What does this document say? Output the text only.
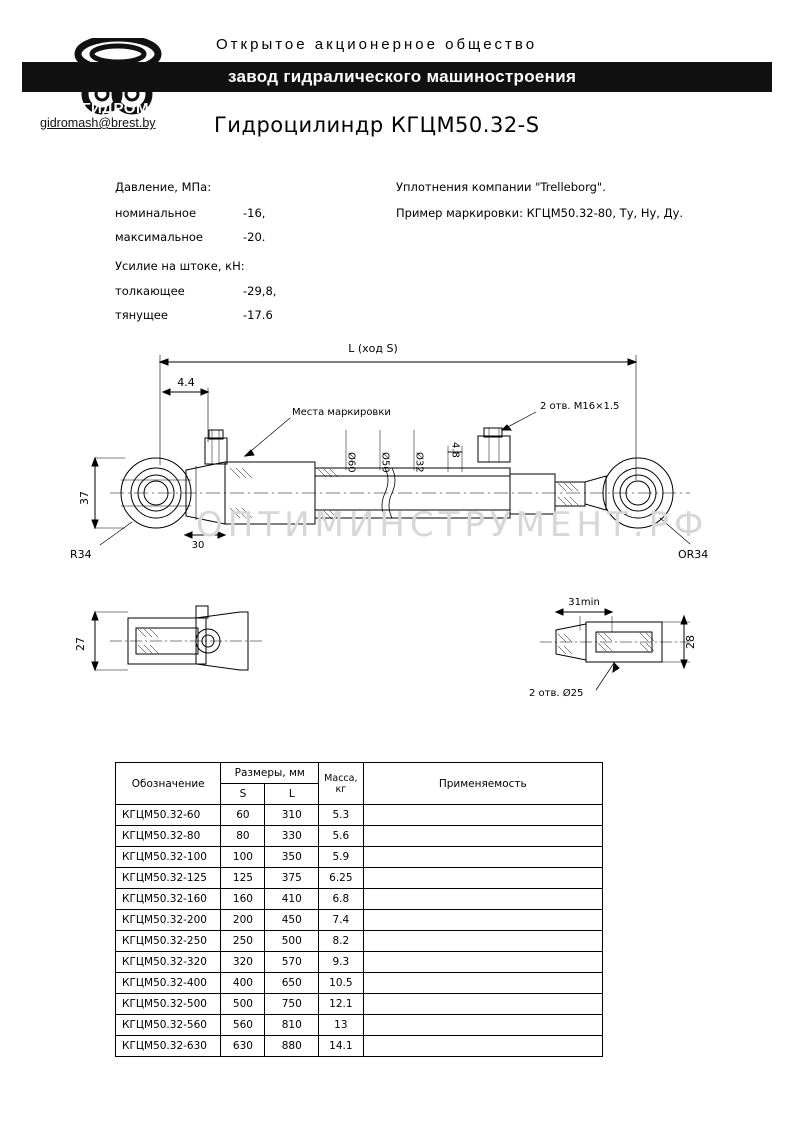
Открытое акционерное общество
завод гидралического машиностроения
ГИДРОМАШ
gidromash@brest.by	Гидроцилиндр КГЦМ50.32-S
Давление, МПа:
номинальное	-16,
максимальное	-20.
Усилие на штоке, кН:
толкающее	-29,8,
тянущее	-17.6
Уплотнения компании "Trelleborg".
Пример маркировки: КГЦМ50.32-80, Ту, Ну, Ду.
ОПТИМИНСТРУМЕНТ.РФ
L (ход S)
4.4
Места маркировки
2 отв. М16×1.5
Ø60 Ø50 Ø32
4.8
37
R34
30
OR34
27
31min
28
2 отв. Ø25
Обозначение	Размеры, мм		Масса,
кг	Применяемость
	S	L		
КГЦМ50.32-60	60	310	5.3	
КГЦМ50.32-80	80	330	5.6	
КГЦМ50.32-100	100	350	5.9	
КГЦМ50.32-125	125	375	6.25	
КГЦМ50.32-160	160	410	6.8	
КГЦМ50.32-200	200	450	7.4	
КГЦМ50.32-250	250	500	8.2	
КГЦМ50.32-320	320	570	9.3	
КГЦМ50.32-400	400	650	10.5	
КГЦМ50.32-500	500	750	12.1	
КГЦМ50.32-560	560	810	13	
КГЦМ50.32-630	630	880	14.1	
